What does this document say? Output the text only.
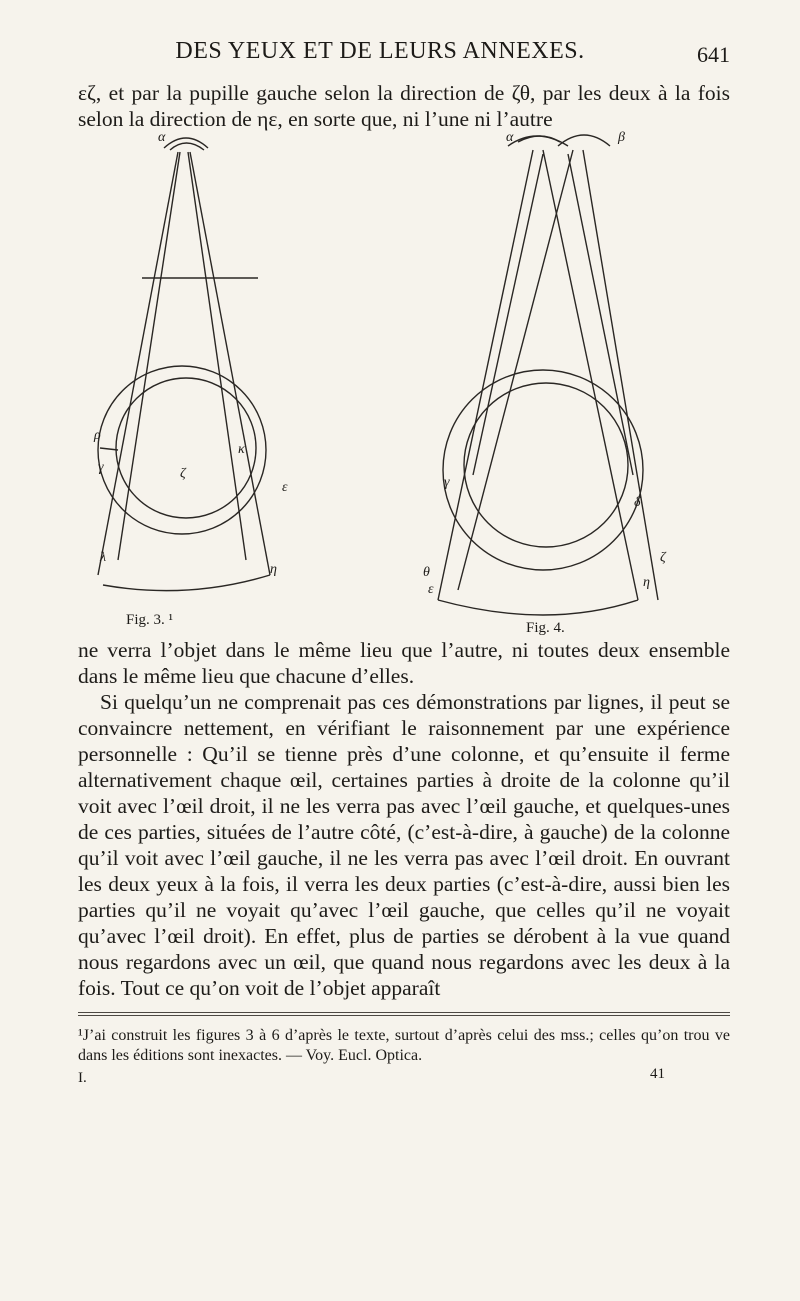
DES YEUX ET DE LEURS ANNEXES.	641

εζ, et par la pupille gauche selon la direction de ζθ, par les deux à la fois selon la direction de ηε, en sorte que, ni l’une ni l’autre

α
κ
ρ
γ	ζ
λ
ε
η
α	β
γ
δ
θ
ε
ζ
η
Fig. 3. ¹	Fig. 4.

ne verra l’objet dans le même lieu que l’autre, ni toutes deux ensemble dans le même lieu que chacune d’elles.

Si quelqu’un ne comprenait pas ces démonstrations par lignes, il peut se convaincre nettement, en vérifiant le raisonnement par une expérience personnelle : Qu’il se tienne près d’une colonne, et qu’ensuite il ferme alternativement chaque œil, certaines parties à droite de la colonne qu’il voit avec l’œil droit, il ne les verra pas avec l’œil gauche, et quelques-unes de ces parties, situées de l’autre côté, (c’est-à-dire, à gauche) de la colonne qu’il voit avec l’œil gauche, il ne les verra pas avec l’œil droit. En ouvrant les deux yeux à la fois, il verra les deux parties (c’est-à-dire, aussi bien les parties qu’il ne voyait qu’avec l’œil gauche, que celles qu’il ne voyait qu’avec l’œil droit). En effet, plus de parties se dérobent à la vue quand nous regardons avec un œil, que quand nous regardons avec les deux à la fois. Tout ce qu’on voit de l’objet apparaît

¹J’ai construit les figures 3 à 6 d’après le texte, surtout d’après celui des mss.; celles qu’on trou ve dans les éditions sont inexactes. — Voy. Eucl. Optica.
I.	41
